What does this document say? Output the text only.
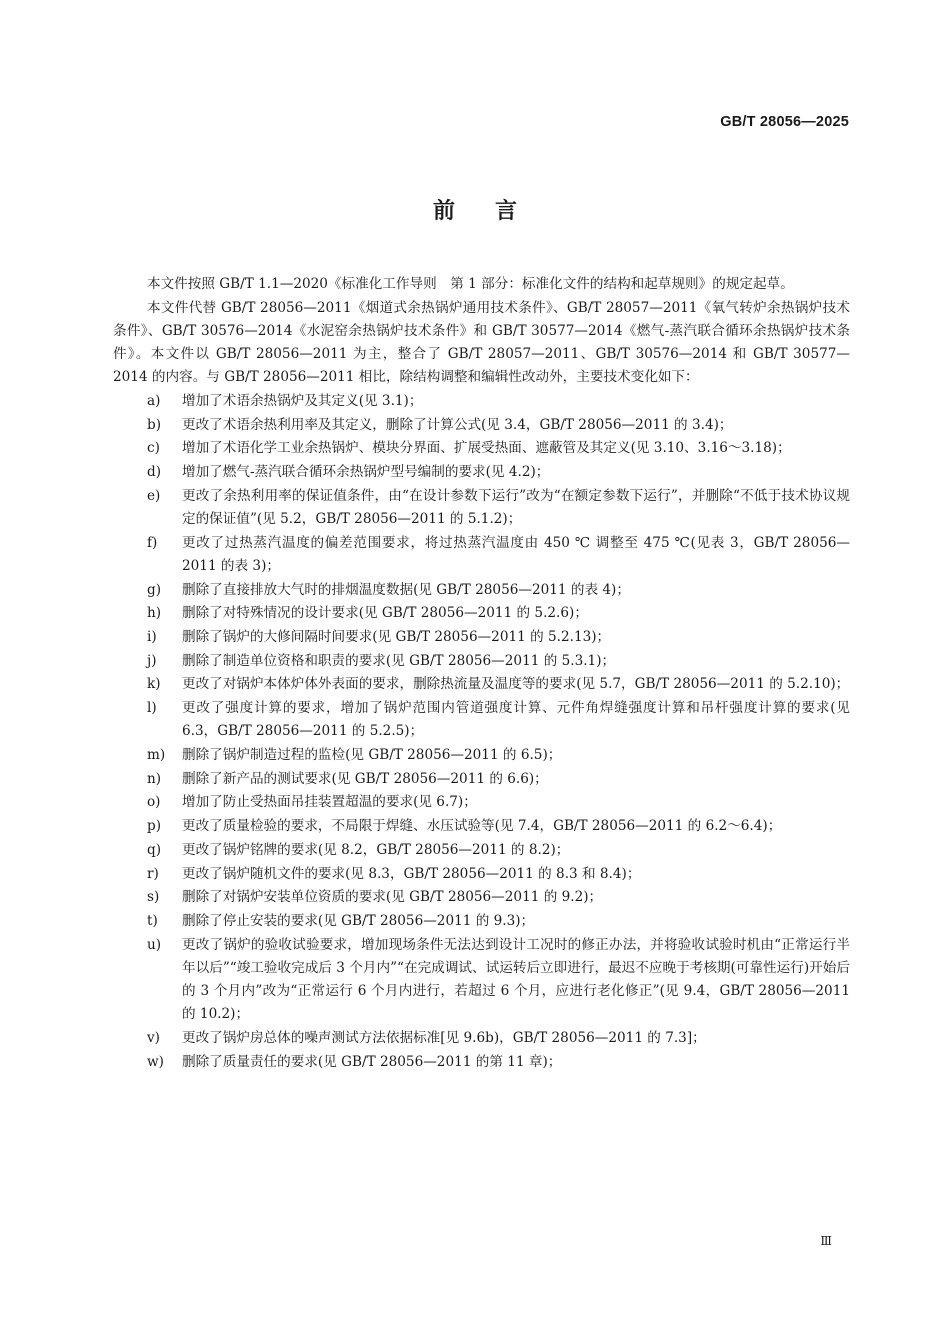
GB/T 28056—2025
前言

本文件按照 GB/T 1.1—2020《标准化工作导则　第 1 部分：标准化文件的结构和起草规则》的规定起草。

本文件代替 GB/T 28056—2011《烟道式余热锅炉通用技术条件》、GB/T 28057—2011《氧气转炉余热锅炉技术条件》、GB/T 30576—2014《水泥窑余热锅炉技术条件》和 GB/T 30577—2014《燃气-蒸汽联合循环余热锅炉技术条件》。本文件以 GB/T 28056—2011 为主，整合了 GB/T 28057—2011、GB/T 30576—2014 和 GB/T 30577—2014 的内容。与 GB/T 28056—2011 相比，除结构调整和编辑性改动外，主要技术变化如下：

a)	增加了术语余热锅炉及其定义(见 3.1)；
b)	更改了术语余热利用率及其定义，删除了计算公式(见 3.4，GB/T 28056—2011 的 3.4)；
c)	增加了术语化学工业余热锅炉、模块分界面、扩展受热面、遮蔽管及其定义(见 3.10、3.16～3.18)；
d)	增加了燃气-蒸汽联合循环余热锅炉型号编制的要求(见 4.2)；
e)	更改了余热利用率的保证值条件，由“在设计参数下运行”改为“在额定参数下运行”，并删除“不低于技术协议规定的保证值”(见 5.2，GB/T 28056—2011 的 5.1.2)；
f)	更改了过热蒸汽温度的偏差范围要求，将过热蒸汽温度由 450 ℃ 调整至 475 ℃(见表 3，GB/T 28056—2011 的表 3)；
g)	删除了直接排放大气时的排烟温度数据(见 GB/T 28056—2011 的表 4)；
h)	删除了对特殊情况的设计要求(见 GB/T 28056—2011 的 5.2.6)；
i)	删除了锅炉的大修间隔时间要求(见 GB/T 28056—2011 的 5.2.13)；
j)	删除了制造单位资格和职责的要求(见 GB/T 28056—2011 的 5.3.1)；
k)	更改了对锅炉本体炉体外表面的要求，删除热流量及温度等的要求(见 5.7，GB/T 28056—2011 的 5.2.10)；
l)	更改了强度计算的要求，增加了锅炉范围内管道强度计算、元件角焊缝强度计算和吊杆强度计算的要求(见 6.3，GB/T 28056—2011 的 5.2.5)；
m)	删除了锅炉制造过程的监检(见 GB/T 28056—2011 的 6.5)；
n)	删除了新产品的测试要求(见 GB/T 28056—2011 的 6.6)；
o)	增加了防止受热面吊挂装置超温的要求(见 6.7)；
p)	更改了质量检验的要求，不局限于焊缝、水压试验等(见 7.4，GB/T 28056—2011 的 6.2～6.4)；
q)	更改了锅炉铭牌的要求(见 8.2，GB/T 28056—2011 的 8.2)；
r)	更改了锅炉随机文件的要求(见 8.3，GB/T 28056—2011 的 8.3 和 8.4)；
s)	删除了对锅炉安装单位资质的要求(见 GB/T 28056—2011 的 9.2)；
t)	删除了停止安装的要求(见 GB/T 28056—2011 的 9.3)；
u)	更改了锅炉的验收试验要求，增加现场条件无法达到设计工况时的修正办法，并将验收试验时机由“正常运行半年以后”“竣工验收完成后 3 个月内”“在完成调试、试运转后立即进行，最迟不应晚于考核期(可靠性运行)开始后的 3 个月内”改为“正常运行 6 个月内进行，若超过 6 个月，应进行老化修正”(见 9.4，GB/T 28056—2011 的 10.2)；
v)	更改了锅炉房总体的噪声测试方法依据标准[见 9.6b)，GB/T 28056—2011 的 7.3]；
w)	删除了质量责任的要求(见 GB/T 28056—2011 的第 11 章)；
Ⅲ
